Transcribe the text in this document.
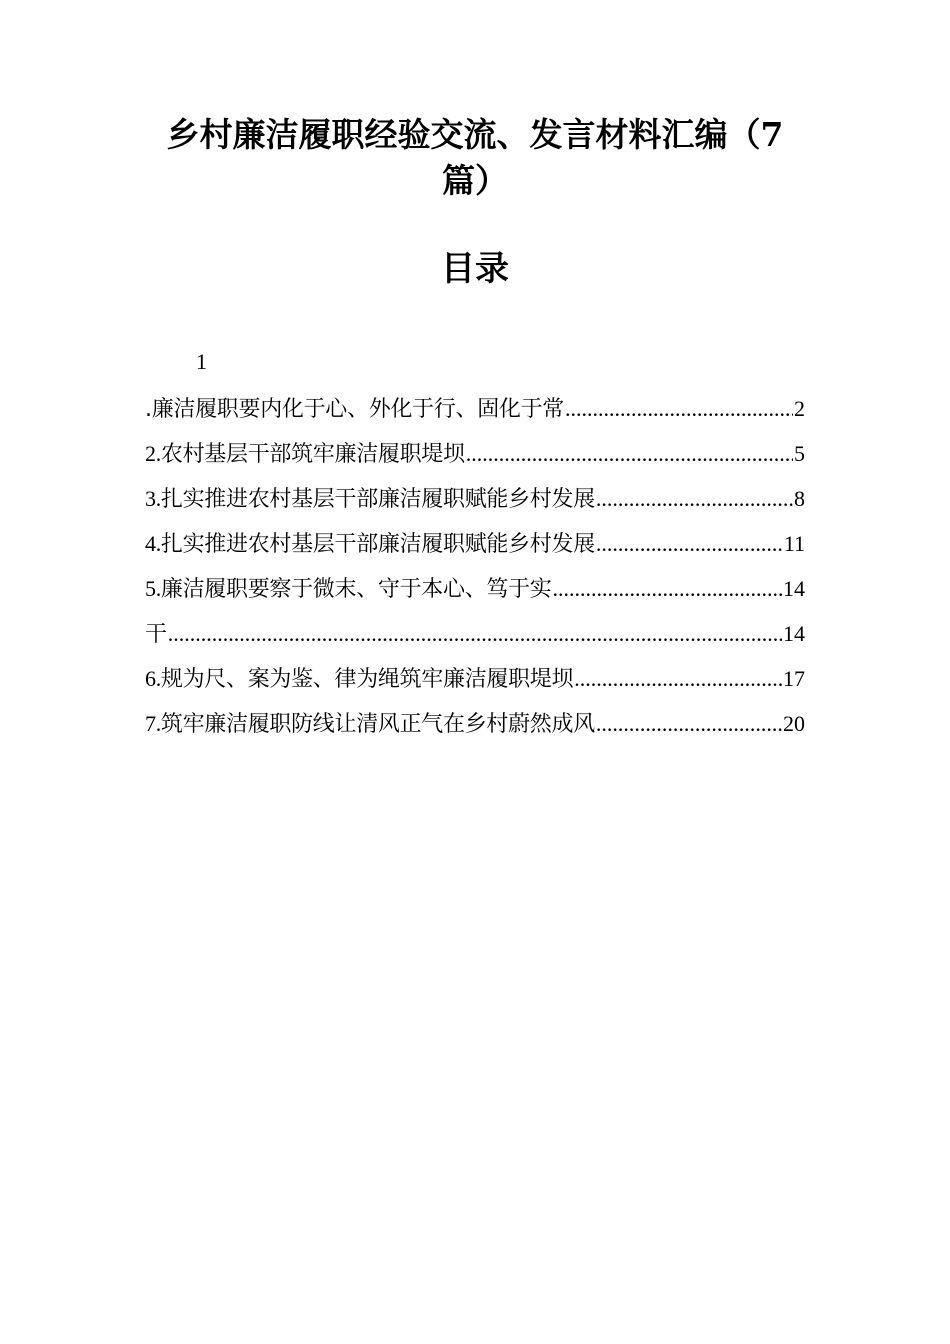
乡村廉洁履职经验交流、发言材料汇编（7篇）
目录
1
.廉洁履职要内化于心、外化于行、固化于常 .....	2
2.农村基层干部筑牢廉洁履职堤坝 .....	5
3.扎实推进农村基层干部廉洁履职赋能乡村发展 .....	8
4.扎实推进农村基层干部廉洁履职赋能乡村发展 .....	11
5.廉洁履职要察于微末、守于本心、笃于实 .....	14
干 .....	14
6.规为尺、案为鉴、律为绳筑牢廉洁履职堤坝 .....	17
7.筑牢廉洁履职防线让清风正气在乡村蔚然成风 .....	20
